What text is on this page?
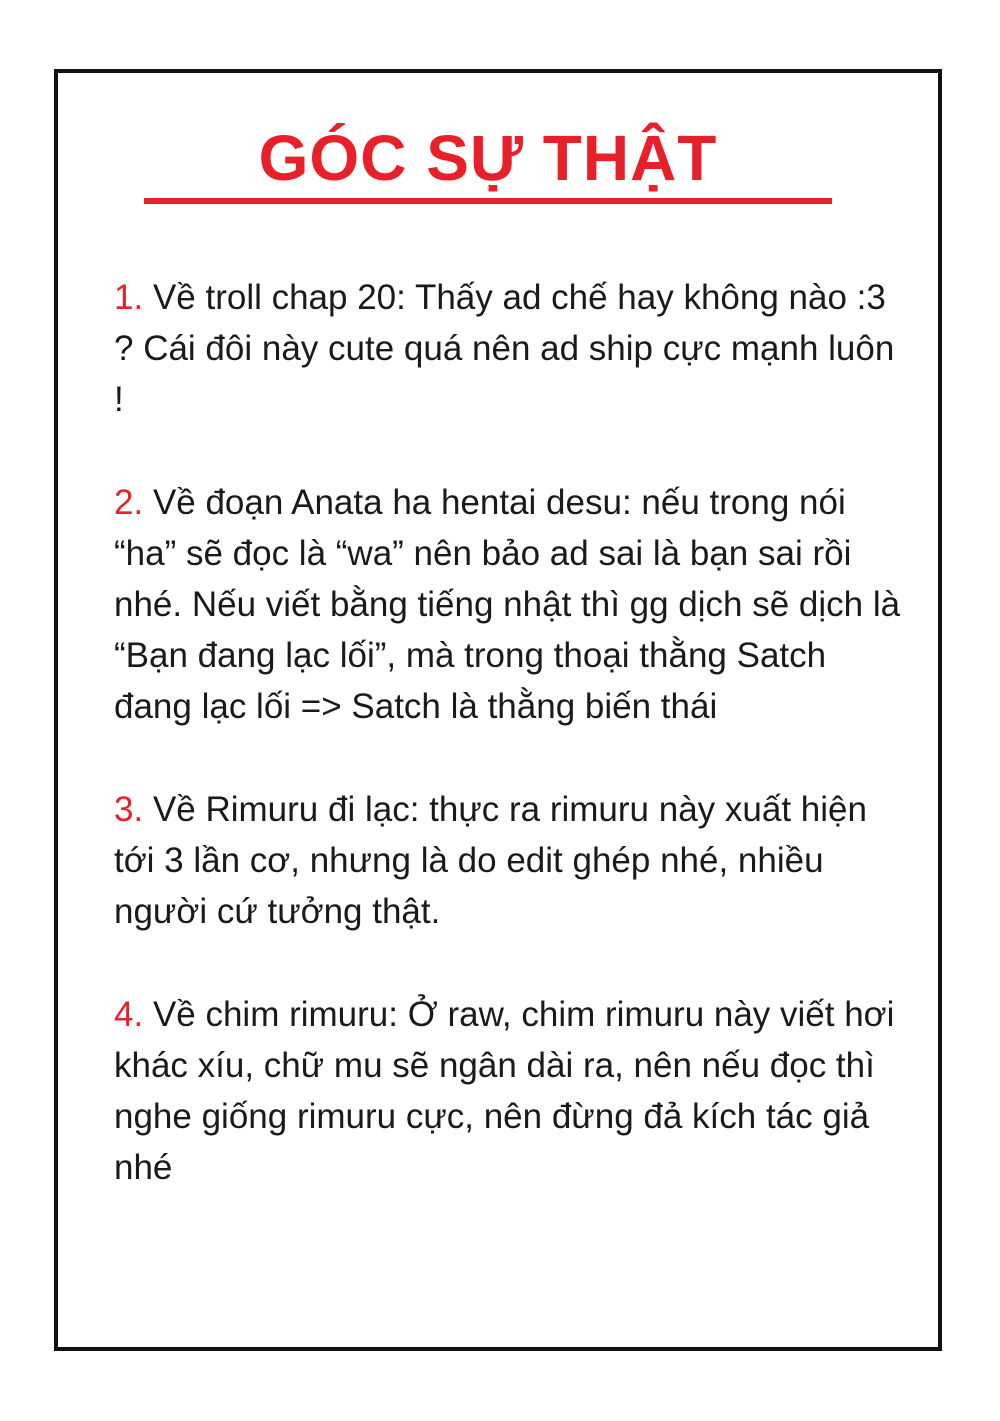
GÓC SỰ THẬT
1. Về troll chap 20: Thấy ad chế hay không nào :3 ? Cái đôi này cute quá nên ad ship cực mạnh luôn !
2. Về đoạn Anata ha hentai desu: nếu trong nói “ha” sẽ đọc là “wa” nên bảo ad sai là bạn sai rồi nhé. Nếu viết bằng tiếng nhật thì gg dịch sẽ dịch là “Bạn đang lạc lối”, mà trong thoại thằng Satch đang lạc lối => Satch là thằng biến thái
3. Về Rimuru đi lạc: thực ra rimuru này xuất hiện tới 3 lần cơ, nhưng là do edit ghép nhé, nhiều người cứ tưởng thật.
4. Về chim rimuru: Ở raw, chim rimuru này viết hơi khác xíu, chữ mu sẽ ngân dài ra, nên nếu đọc thì nghe giống rimuru cực, nên đừng đả kích tác giả nhé
